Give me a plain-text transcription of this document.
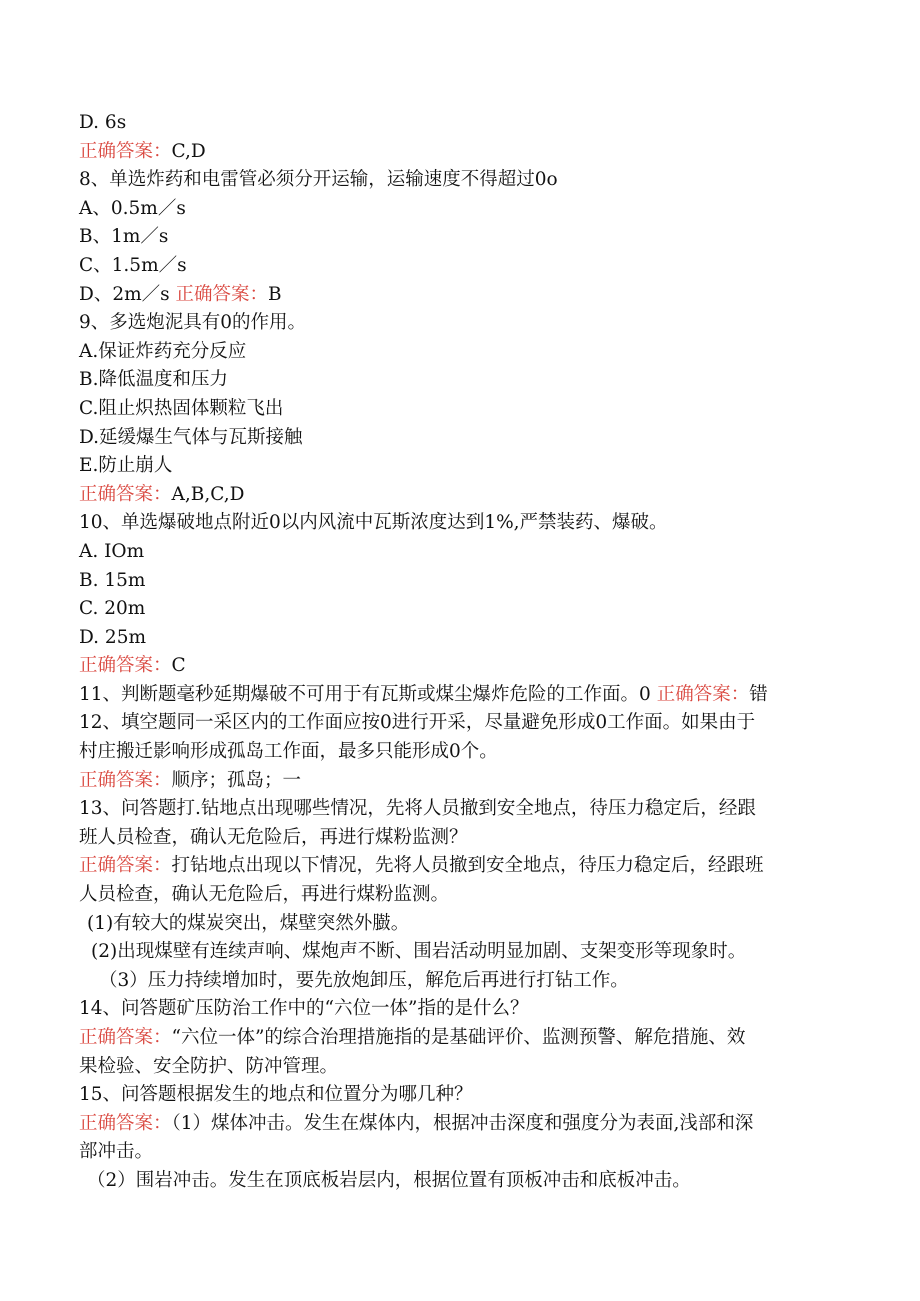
D. 6s
正确答案：C,D
8、单选炸药和电雷管必须分开运输，运输速度不得超过0o
A、0.5m／s
B、1m／s
C、1.5m／s
D、2m／s 正确答案：B
9、多选炮泥具有0的作用。
A.保证炸药充分反应
B.降低温度和压力
C.阻止炽热固体颗粒飞出
D.延缓爆生气体与瓦斯接触
E.防止崩人
正确答案：A,B,C,D
10、单选爆破地点附近0以内风流中瓦斯浓度达到1%,严禁装药、爆破。
A. IOm
B. 15m
C. 20m
D. 25m
正确答案：C
11、判断题毫秒延期爆破不可用于有瓦斯或煤尘爆炸危险的工作面。0 正确答案：错
12、填空题同一采区内的工作面应按0进行开采，尽量避免形成0工作面。如果由于
村庄搬迁影响形成孤岛工作面，最多只能形成0个。
正确答案：顺序；孤岛；一
13、问答题打.钻地点出现哪些情况，先将人员撤到安全地点，待压力稳定后，经跟
班人员检查，确认无危险后，再进行煤粉监测？
正确答案：打钻地点出现以下情况，先将人员撤到安全地点，待压力稳定后，经跟班
人员检查，确认无危险后，再进行煤粉监测。
(1)有较大的煤炭突出，煤壁突然外臌。
(2)出现煤壁有连续声响、煤炮声不断、围岩活动明显加剧、支架变形等现象时。
（3）压力持续增加时，要先放炮卸压，解危后再进行打钻工作。
14、问答题矿压防治工作中的“六位一体”指的是什么？
正确答案：“六位一体”的综合治理措施指的是基础评价、监测预警、解危措施、效
果检验、安全防护、防冲管理。
15、问答题根据发生的地点和位置分为哪几种？
正确答案：（1）煤体冲击。发生在煤体内，根据冲击深度和强度分为表面,浅部和深
部冲击。
（2）围岩冲击。发生在顶底板岩层内，根据位置有顶板冲击和底板冲击。
